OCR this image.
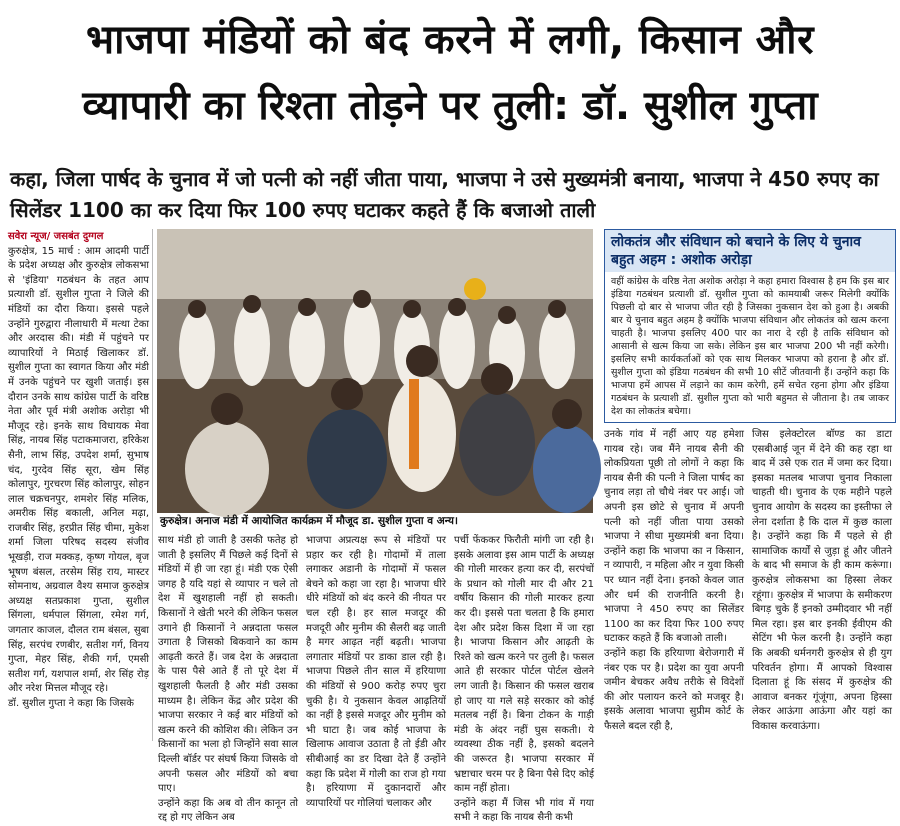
भाजपा मंडियों को बंद करने में लगी, किसान और
व्यापारी का रिश्ता तोड़ने पर तुली: डॉ. सुशील गुप्ता
कहा, जिला पार्षद के चुनाव में जो पत्नी को नहीं जीता पाया, भाजपा ने उसे मुख्यमंत्री बनाया, भाजपा ने 450 रुपए का सिलेंडर 1100 का कर दिया फिर 100 रुपए घटाकर कहते हैं कि बजाओ ताली
सवेरा न्यूज/ जसबंत दुग्गल
कुरुक्षेत्र, 15 मार्च : आम आदमी पार्टी के प्रदेश अध्यक्ष और कुरुक्षेत्र लोकसभा से 'इंडिया' गठबंधन के तहत आप प्रत्याशी डॉ. सुशील गुप्ता ने जिले की मंडियों का दौरा किया। इससे पहले उन्होंने गुरुद्वारा नीलाधारी में मत्था टेका और अरदास की। मंडी में पहुंचने पर व्यापारियों ने मिठाई खिलाकर डॉ. सुशील गुप्ता का स्वागत किया और मंडी में उनके पहुंचने पर खुशी जताई। इस दौरान उनके साथ कांग्रेस पार्टी के वरिष्ठ नेता और पूर्व मंत्री अशोक अरोड़ा भी मौजूद रहे। इनके साथ विधायक मेवा सिंह, नायब सिंह पटाकमाजरा, हरिकेश सैनी, लाभ सिंह, उपदेश शर्मा, सुभाष चंद, गुरदेव सिंह सूरा, खेम सिंह कोलापुर, गुरचरण सिंह कोलापुर, सोहन लाल चक्रचनपुर, शमशेर सिंह मलिक, अमरीक सिंह बकाली, अनिल मढ़ा, राजबीर सिंह, हरप्रीत सिंह चीमा, मुकेश शर्मा जिला परिषद सदस्य संजीव भूखड़ी, राज मक्कड़, कृष्ण गोयल, बृज भूषण बंसल, तरसेम सिंह राय, मास्टर सोमनाथ, अग्रवाल वैश्य समाज कुरुक्षेत्र अध्यक्ष सतप्रकाश गुप्ता, सुशील सिंगला, धर्मपाल सिंगला, रमेश गर्ग, जगतार काजल, दौलत राम बंसल, सुबा सिंह, सरपंच रणबीर, सतीश गर्ग, विनय गुप्ता, मेहर सिंह, शैकी गर्ग, एमसी सतीश गर्ग, यशपाल शर्मा, शेर सिंह रोड़ और नरेश मित्तल मौजूद रहे।
डॉ. सुशील गुप्ता ने कहा कि जिसके
कुरुक्षेत्र। अनाज मंडी में आयोजित कार्यक्रम में मौजूद डा. सुशील गुप्ता व अन्य।
लोकतंत्र और संविधान को बचाने के लिए ये चुनाव बहुत अहम : अशोक अरोड़ा
वहीं कांग्रेस के वरिष्ठ नेता अशोक अरोड़ा ने कहा हमारा विश्वास है हम कि इस बार इंडिया गठबंधन प्रत्याशी डॉ. सुशील गुप्ता को कामयाबी जरूर मिलेगी क्योंकि पिछली दो बार से भाजपा जीत रही है जिसका नुकसान देश को हुआ है। अबकी बार ये चुनाव बहुत अहम है क्योंकि भाजपा संविधान और लोकतंत्र को खत्म करना चाहती है। भाजपा इसलिए 400 पार का नारा दे रही है ताकि संविधान को आसानी से खत्म किया जा सके। लेकिन इस बार भाजपा 200 भी नहीं करेगी। इसलिए सभी कार्यकर्ताओं को एक साथ मिलकर भाजपा को हराना है और डॉ. सुशील गुप्ता को इंडिया गठबंधन की सभी 10 सीटें जीतवानी हैं। उन्होंने कहा कि भाजपा हमें आपस में लड़ाने का काम करेगी, हमें सचेत रहना होगा और इंडिया गठबंधन के प्रत्याशी डॉ. सुशील गुप्ता को भारी बहुमत से जीताना है। तब जाकर देश का लोकतंत्र बचेगा।
साथ मंडी हो जाती है उसकी फतेह हो जाती है इसलिए मैं पिछले कई दिनों से मंडियों में ही जा रहा हूं। मंडी एक ऐसी जगह है यदि यहां से व्यापार न चले तो देश में खुशहाली नहीं हो सकती। किसानों ने खेती भरने की लेकिन फसल उगाने ही किसानों ने अन्नदाता फसल उगाता है जिसको बिकवाने का काम आढ़ती करते हैं। जब देश के अन्नदाता के पास पैसे आते हैं तो पूरे देश में खुशहाली फैलती है और मंडी उसका माध्यम है। लेकिन केंद्र और प्रदेश की भाजपा सरकार ने कई बार मंडियों को खत्म करने की कोशिश की। लेकिन उन किसानों का भला हो जिन्होंने सवा साल दिल्ली बॉर्डर पर संघर्ष किया जिसके वो अपनी फसल और मंडियों को बचा पाए।
उन्होंने कहा कि अब वो तीन कानून तो रद्द हो गए लेकिन अब
भाजपा अप्रत्यक्ष रूप से मंडियों पर प्रहार कर रही है। गोदामों में ताला लगाकर अडानी के गोदामों में फसल बेचने को कहा जा रहा है। भाजपा धीरे धीरे मंडियों को बंद करने की नीयत पर चल रही है। हर साल मजदूर की मजदूरी और मुनीम की सैलरी बढ़ जाती है मगर आढ़त नहीं बढ़ती। भाजपा लगातार मंडियों पर डाका डाल रही है। भाजपा पिछले तीन साल में हरियाणा की मंडियों से 900 करोड़ रुपए चुरा चुकी है। ये नुकसान केवल आढ़तियों का नहीं है इससे मजदूर और मुनीम को भी घाटा है। जब कोई भाजपा के खिलाफ आवाज उठाता है तो ईडी और सीबीआई का डर दिखा देते हैं उन्होंने कहा कि प्रदेश में गोली का राज हो गया है। हरियाणा में दुकानदारों और व्यापारियों पर गोलियां चलाकर और
पर्ची फेंककर फिरौती मांगी जा रही है। इसके अलावा इस आम पार्टी के अध्यक्ष की गोली मारकर हत्या कर दी, सरपंचों के प्रधान को गोली मार दी और 21 वर्षीय किसान की गोली मारकर हत्या कर दी। इससे पता चलता है कि हमारा देश और प्रदेश किस दिशा में जा रहा है। भाजपा किसान और आढ़ती के रिश्ते को खत्म करने पर तुली है। फसल आते ही सरकार पोर्टल पोर्टल खेलने लग जाती है। किसान की फसल खराब हो जाए या गले सड़े सरकार को कोई मतलब नहीं है। बिना टोकन के गाड़ी मंडी के अंदर नहीं घुस सकती। ये व्यवस्था ठीक नहीं है, इसको बदलने की जरूरत है। भाजपा सरकार में भ्रष्टाचार चरम पर है बिना पैसे दिए कोई काम नहीं होता।
उन्होंने कहा मैं जिस भी गांव में गया सभी ने कहा कि नायब सैनी कभी
उनके गांव में नहीं आए यह हमेशा गायब रहे। जब मैंने नायब सैनी की लोकप्रियता पूछी तो लोगों ने कहा कि नायब सैनी की पत्नी ने जिला पार्षद का चुनाव लड़ा तो चौथे नंबर पर आई। जो अपनी इस छोटे से चुनाव में अपनी पत्नी को नहीं जीता पाया उसको भाजपा ने सीधा मुख्यमंत्री बना दिया। उन्होंने कहा कि भाजपा का न किसान, न व्यापारी, न महिला और न युवा किसी पर ध्यान नहीं देना। इनको केवल जात और धर्म की राजनीति करनी है। भाजपा ने 450 रुपए का सिलेंडर 1100 का कर दिया फिर 100 रुपए घटाकर कहते हैं कि बजाओ ताली।
उन्होंने कहा कि हरियाणा बेरोजगारी में नंबर एक पर है। प्रदेश का युवा अपनी जमीन बेचकर अवैध तरीके से विदेशों की ओर पलायन करने को मजबूर है। इसके अलावा भाजपा सुप्रीम कोर्ट के फैसले बदल रही है,
जिस इलेक्टोरल बॉण्ड का डाटा एसबीआई जून में देने की कह रहा था बाद में उसे एक रात में जमा कर दिया। इसका मतलब भाजपा चुनाव निकाला चाहती थी। चुनाव के एक महीने पहले चुनाव आयोग के सदस्य का इस्तीफा ले लेना दर्शाता है कि दाल में कुछ काला है। उन्होंने कहा कि मैं पहले से ही सामाजिक कार्यों से जुड़ा हूं और जीतने के बाद भी समाज के ही काम करूंगा। कुरुक्षेत्र लोकसभा का हिस्सा लेकर रहूंगा। कुरुक्षेत्र में भाजपा के समीकरण बिगड़ चुके हैं इनको उम्मीदवार भी नहीं मिल रहा। इस बार इनकी ईवीएम की सेटिंग भी फेल करनी है। उन्होंने कहा कि अबकी धर्मनगरी कुरुक्षेत्र से ही युग परिवर्तन होगा। मैं आपको विश्वास दिलाता हूं कि संसद में कुरुक्षेत्र की आवाज बनकर गूंजूंगा, अपना हिस्सा लेकर आऊंगा आऊंगा और यहां का विकास करवाऊंगा।
